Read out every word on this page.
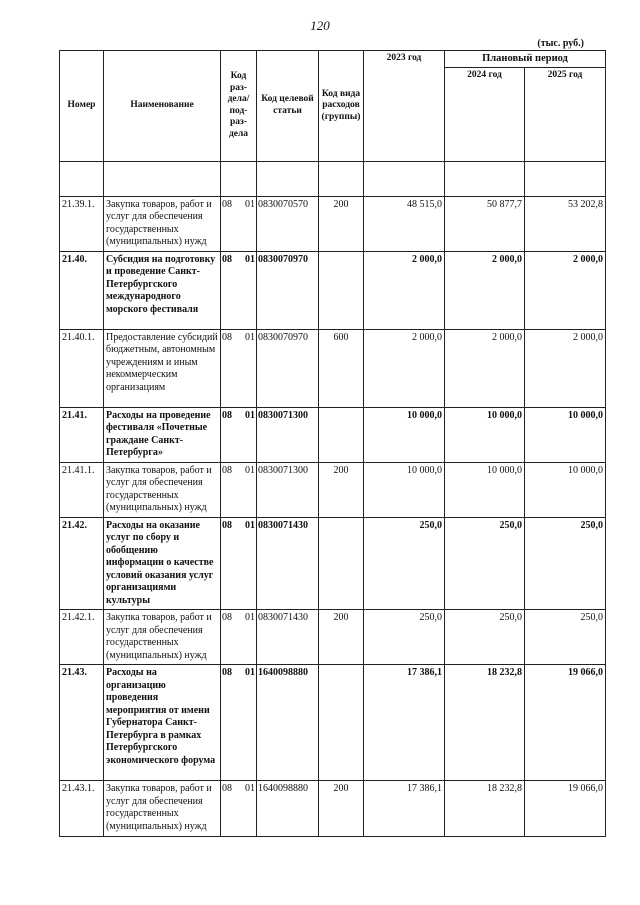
120
(тыс. руб.)
Номер	Наименование	Код раз-дела/ под-раз-дела	Код целевой статьи	Код вида расходов (группы)	2023 год	Плановый период	
						2024 год	2025 год

21.39.1.	Закупка товаров, работ и услуг для обеспечения государственных (муниципальных) нужд	08 01	0830070570	200	48 515,0	50 877,7	53 202,8
21.40.	Субсидия на подготовку и проведение Санкт-Петербургского международного морского фестиваля	08 01	0830070970		2 000,0	2 000,0	2 000,0
21.40.1.	Предоставление субсидий бюджетным, автономным учреждениям и иным некоммерческим организациям	08 01	0830070970	600	2 000,0	2 000,0	2 000,0
21.41.	Расходы на проведение фестиваля «Почетные граждане Санкт-Петербурга»	08 01	0830071300		10 000,0	10 000,0	10 000,0
21.41.1.	Закупка товаров, работ и услуг для обеспечения государственных (муниципальных) нужд	08 01	0830071300	200	10 000,0	10 000,0	10 000,0
21.42.	Расходы на оказание услуг по сбору и обобщению информации о качестве условий оказания услуг организациями культуры	08 01	0830071430		250,0	250,0	250,0
21.42.1.	Закупка товаров, работ и услуг для обеспечения государственных (муниципальных) нужд	08 01	0830071430	200	250,0	250,0	250,0
21.43.	Расходы на организацию проведения мероприятия от имени Губернатора Санкт-Петербурга в рамках Петербургского экономического форума	08 01	1640098880		17 386,1	18 232,8	19 066,0
21.43.1.	Закупка товаров, работ и услуг для обеспечения государственных (муниципальных) нужд	08 01	1640098880	200	17 386,1	18 232,8	19 066,0
